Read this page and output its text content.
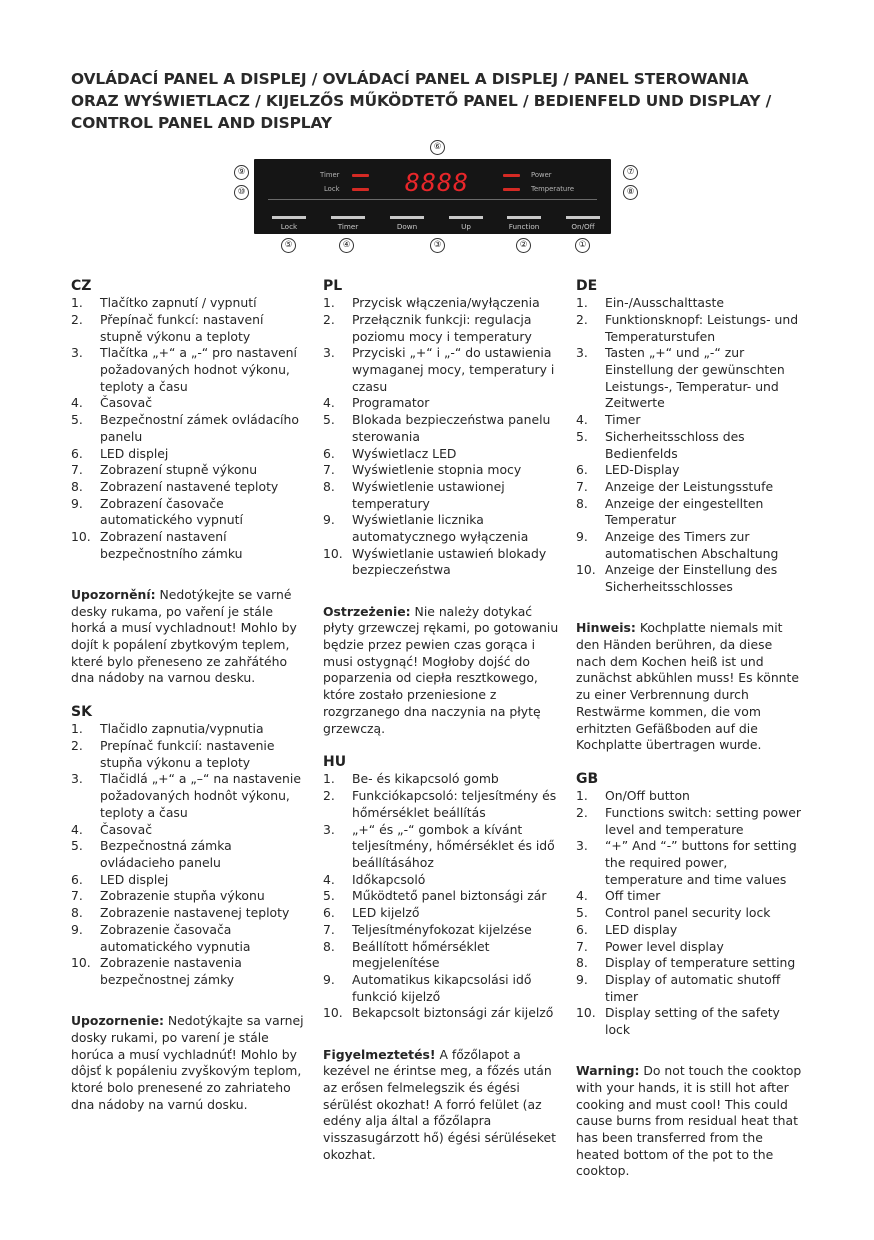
OVLÁDACÍ PANEL A DISPLEJ / OVLÁDACÍ PANEL A DISPLEJ / PANEL STEROWANIA
ORAZ WYŚWIETLACZ / KIJELZŐS MŰKÖDTETŐ PANEL / BEDIENFELD UND DISPLAY /
CONTROL PANEL AND DISPLAY
⑥
⑨
⑩
⑦
⑧
Timer
Lock	8888	Power
Temperature
Lock	Timer	Down	Up	Function	On/Off
⑤	④	③	②	①
CZ
1.	Tlačítko zapnutí / vypnutí
2.	Přepínač funkcí: nastavení stupně výkonu a teploty
3.	Tlačítka „+“ a „-“ pro nastavení požadovaných hodnot výkonu, teploty a času
4.	Časovač
5.	Bezpečnostní zámek ovládacího panelu
6.	LED displej
7.	Zobrazení stupně výkonu
8.	Zobrazení nastavené teploty
9.	Zobrazení časovače automatického vypnutí
10. Zobrazení nastavení bezpečnostního zámku
Upozornění: Nedotýkejte se varné desky rukama, po vaření je stále horká a musí vychladnout! Mohlo by dojít k popálení zbytkovým teplem, které bylo přeneseno ze zahřátého dna nádoby na varnou desku.
SK
1.	Tlačidlo zapnutia/vypnutia
2.	Prepínač funkcií: nastavenie stupňa výkonu a teploty
3.	Tlačidlá „+“ a „–“ na nastavenie požadovaných hodnôt výkonu, teploty a času
4.	Časovač
5.	Bezpečnostná zámka ovládacieho panelu
6.	LED displej
7.	Zobrazenie stupňa výkonu
8.	Zobrazenie nastavenej teploty
9.	Zobrazenie časovača automatického vypnutia
10. Zobrazenie nastavenia bezpečnostnej zámky
Upozornenie: Nedotýkajte sa varnej dosky rukami, po varení je stále horúca a musí vychladnúť! Mohlo by dôjsť k popáleniu zvyškovým teplom, ktoré bolo prenesené zo zahriateho dna nádoby na varnú dosku.
PL
1.	Przycisk włączenia/wyłączenia
2.	Przełącznik funkcji: regulacja poziomu mocy i temperatury
3.	Przyciski „+“ i „-“ do ustawienia wymaganej mocy, temperatury i czasu
4.	Programator
5.	Blokada bezpieczeństwa panelu sterowania
6.	Wyświetlacz LED
7.	Wyświetlenie stopnia mocy
8.	Wyświetlenie ustawionej temperatury
9.	Wyświetlanie licznika automatycznego wyłączenia
10. Wyświetlanie ustawień blokady bezpieczeństwa
Ostrzeżenie: Nie należy dotykać płyty grzewczej rękami, po gotowaniu będzie przez pewien czas gorąca i musi ostygnąć! Mogłoby dojść do poparzenia od ciepła resztkowego, które zostało przeniesione z rozgrzanego dna naczynia na płytę grzewczą.
HU
1.	Be- és kikapcsoló gomb
2.	Funkciókapcsoló: teljesítmény és hőmérséklet beállítás
3.	„+“ és „-“ gombok a kívánt teljesítmény, hőmérséklet és idő beállításához
4.	Időkapcsoló
5.	Működtető panel biztonsági zár
6.	LED kijelző
7.	Teljesítményfokozat kijelzése
8.	Beállított hőmérséklet megjelenítése
9.	Automatikus kikapcsolási idő funkció kijelző
10. Bekapcsolt biztonsági zár kijelző
Figyelmeztetés! A főzőlapot a kezével ne érintse meg, a főzés után az erősen felmelegszik és égési sérülést okozhat! A forró felület (az edény alja által a főzőlapra visszasugárzott hő) égési sérüléseket okozhat.
DE
1.	Ein-/Ausschalttaste
2.	Funktionsknopf: Leistungs- und Temperaturstufen
3.	Tasten „+“ und „-“ zur Einstellung der gewünschten Leistungs-, Temperatur- und Zeitwerte
4.	Timer
5.	Sicherheitsschloss des Bedienfelds
6.	LED-Display
7.	Anzeige der Leistungsstufe
8.	Anzeige der eingestellten Temperatur
9.	Anzeige des Timers zur automatischen Abschaltung
10. Anzeige der Einstellung des Sicherheitsschlosses
Hinweis: Kochplatte niemals mit den Händen berühren, da diese nach dem Kochen heiß ist und zunächst abkühlen muss! Es könnte zu einer Verbrennung durch Restwärme kommen, die vom erhitzten Gefäßboden auf die Kochplatte übertragen wurde.
GB
1.	On/Off button
2.	Functions switch: setting power level and temperature
3.	“+” And “-” buttons for setting the required power, temperature and time values
4.	Off timer
5.	Control panel security lock
6.	LED display
7.	Power level display
8.	Display of temperature setting
9.	Display of automatic shutoff timer
10. Display setting of the safety lock
Warning: Do not touch the cooktop with your hands, it is still hot after cooking and must cool! This could cause burns from residual heat that has been transferred from the heated bottom of the pot to the cooktop.
